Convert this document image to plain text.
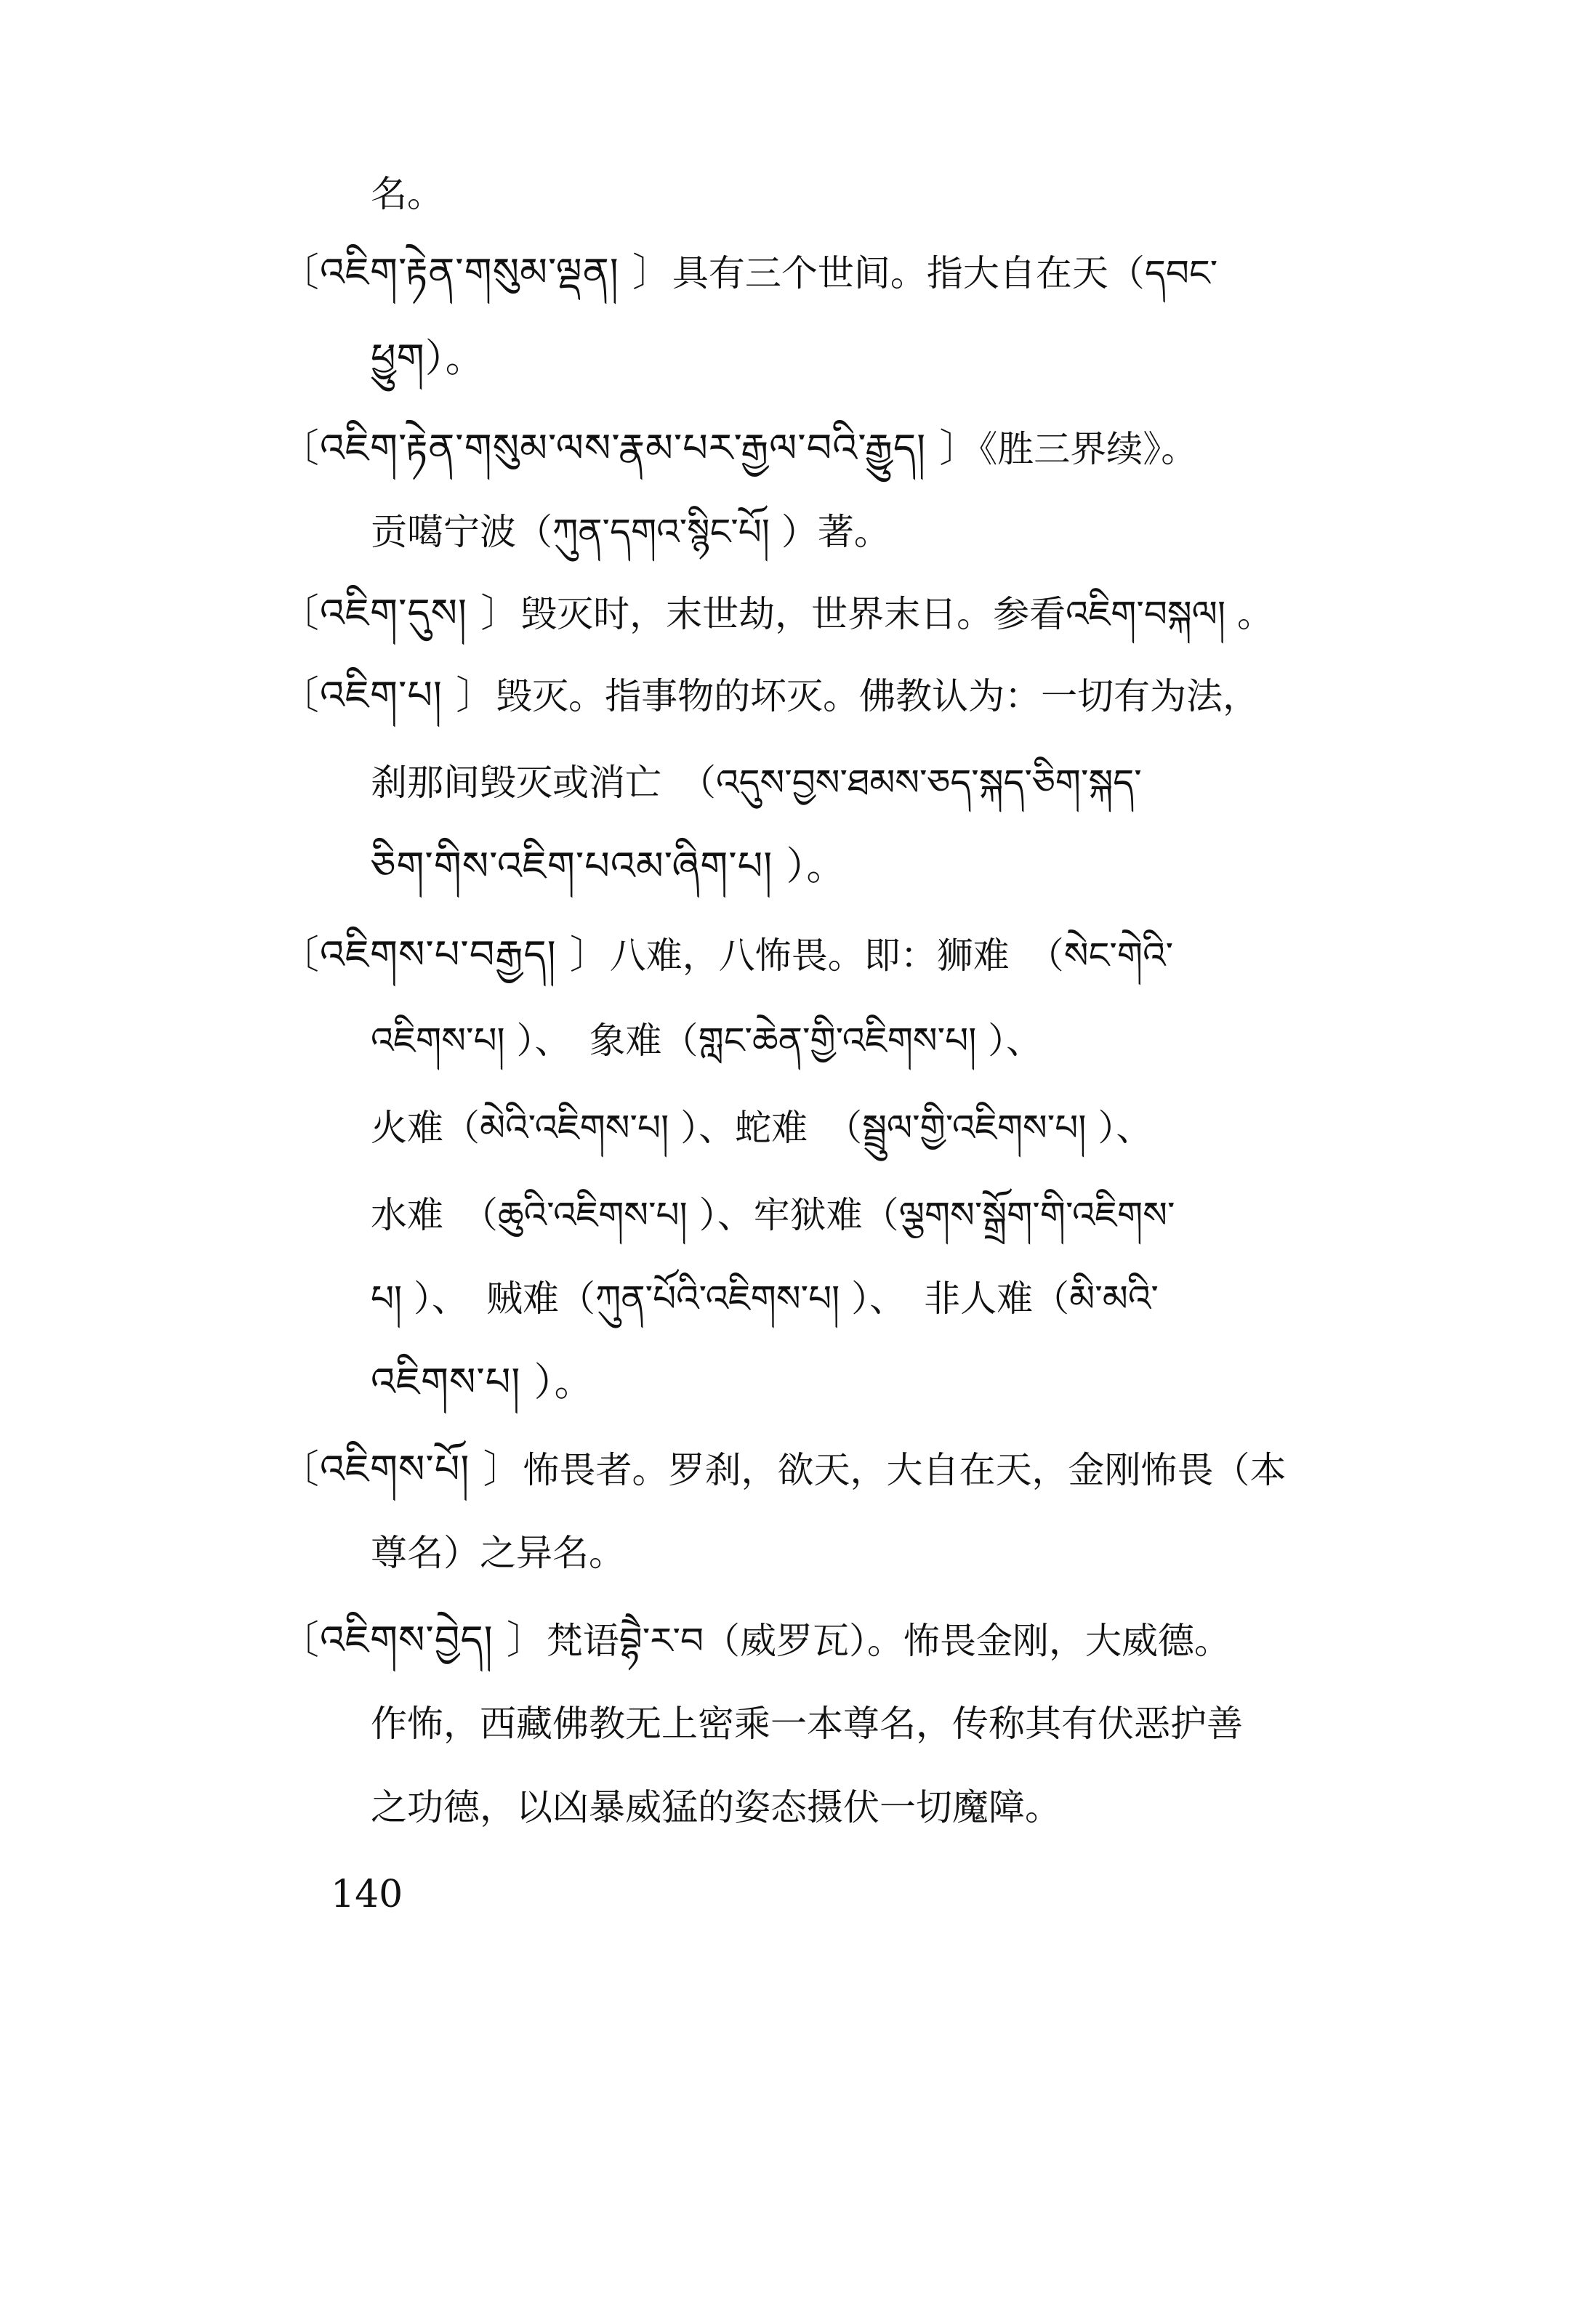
名。
〔འཇིག་རྟེན་གསུམ་ལྡན། 〕具有三个世间。指大自在天（དབང་
ཕྱུག）。
〔འཇིག་རྟེན་གསུམ་ལས་རྣམ་པར་རྒྱལ་བའི་རྒྱུད། 〕《胜三界续》。
贡噶宁波（ཀུན་དགའ་སྙིང་པོ། ）著。
〔འཇིག་དུས། 〕毁灭时，末世劫，世界末日。参看འཇིག་བསྐལ། 。
〔འཇིག་པ། 〕毁灭。指事物的坏灭。佛教认为：一切有为法，
刹那间毁灭或消亡　（འདུས་བྱས་ཐམས་ཅད་སྐད་ཅིག་སྐད་
ཅིག་གིས་འཇིག་པའམ་ཞིག་པ། ）。
〔འཇིགས་པ་བརྒྱད། 〕八难，八怖畏。即：狮难　（སེང་གེའི་
འཇིགས་པ། ）、　象难（གླང་ཆེན་གྱི་འཇིགས་པ། ）、
火难（མེའི་འཇིགས་པ། ）、蛇难　（སྦྲུལ་གྱི་འཇིགས་པ། ）、
水难　（ཆུའི་འཇིགས་པ། ）、牢狱难（ལྕགས་སྒྲོག་གི་འཇིགས་
པ། ）、　贼难（ཀུན་པོའི་འཇིགས་པ། ）、　非人难（མི་མའི་
འཇིགས་པ། ）。
〔འཇིགས་པོ། 〕怖畏者。罗刹，欲天，大自在天，金刚怖畏（本
尊名）之异名。
〔འཇིགས་བྱེད། 〕梵语བྷཻ་ར་བ（威罗瓦）。怖畏金刚，大威德。
作怖，西藏佛教无上密乘一本尊名，传称其有伏恶护善
之功德，以凶暴威猛的姿态摄伏一切魔障。
140
